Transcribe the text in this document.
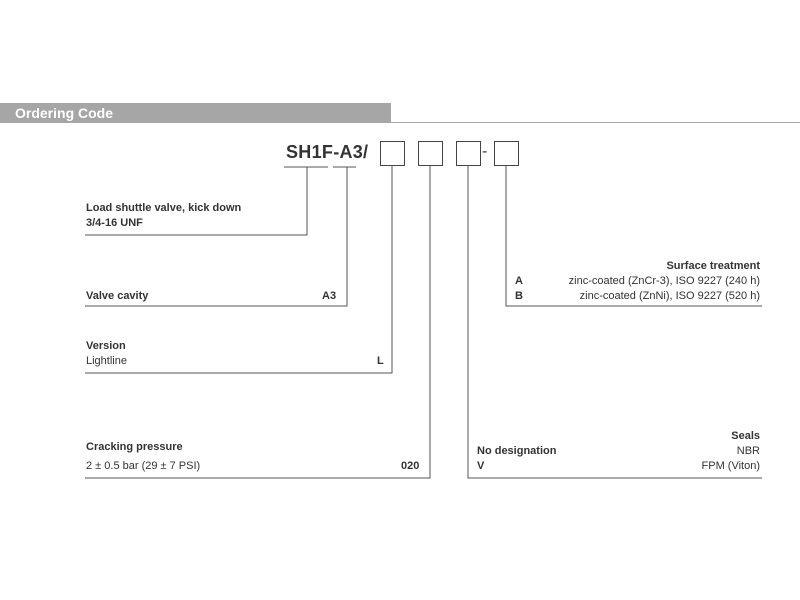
Ordering Code
SH1F-A3 /	-
Load shuttle valve, kick down
3/4-16 UNF
Valve cavity	A3
Version
Lightline	L
Cracking pressure
2 ± 0.5 bar (29 ± 7 PSI)	020
Seals
No designation	NBR
V	FPM (Viton)
Surface treatment
A	zinc-coated (ZnCr-3), ISO 9227 (240 h)
B	zinc-coated (ZnNi), ISO 9227 (520 h)
